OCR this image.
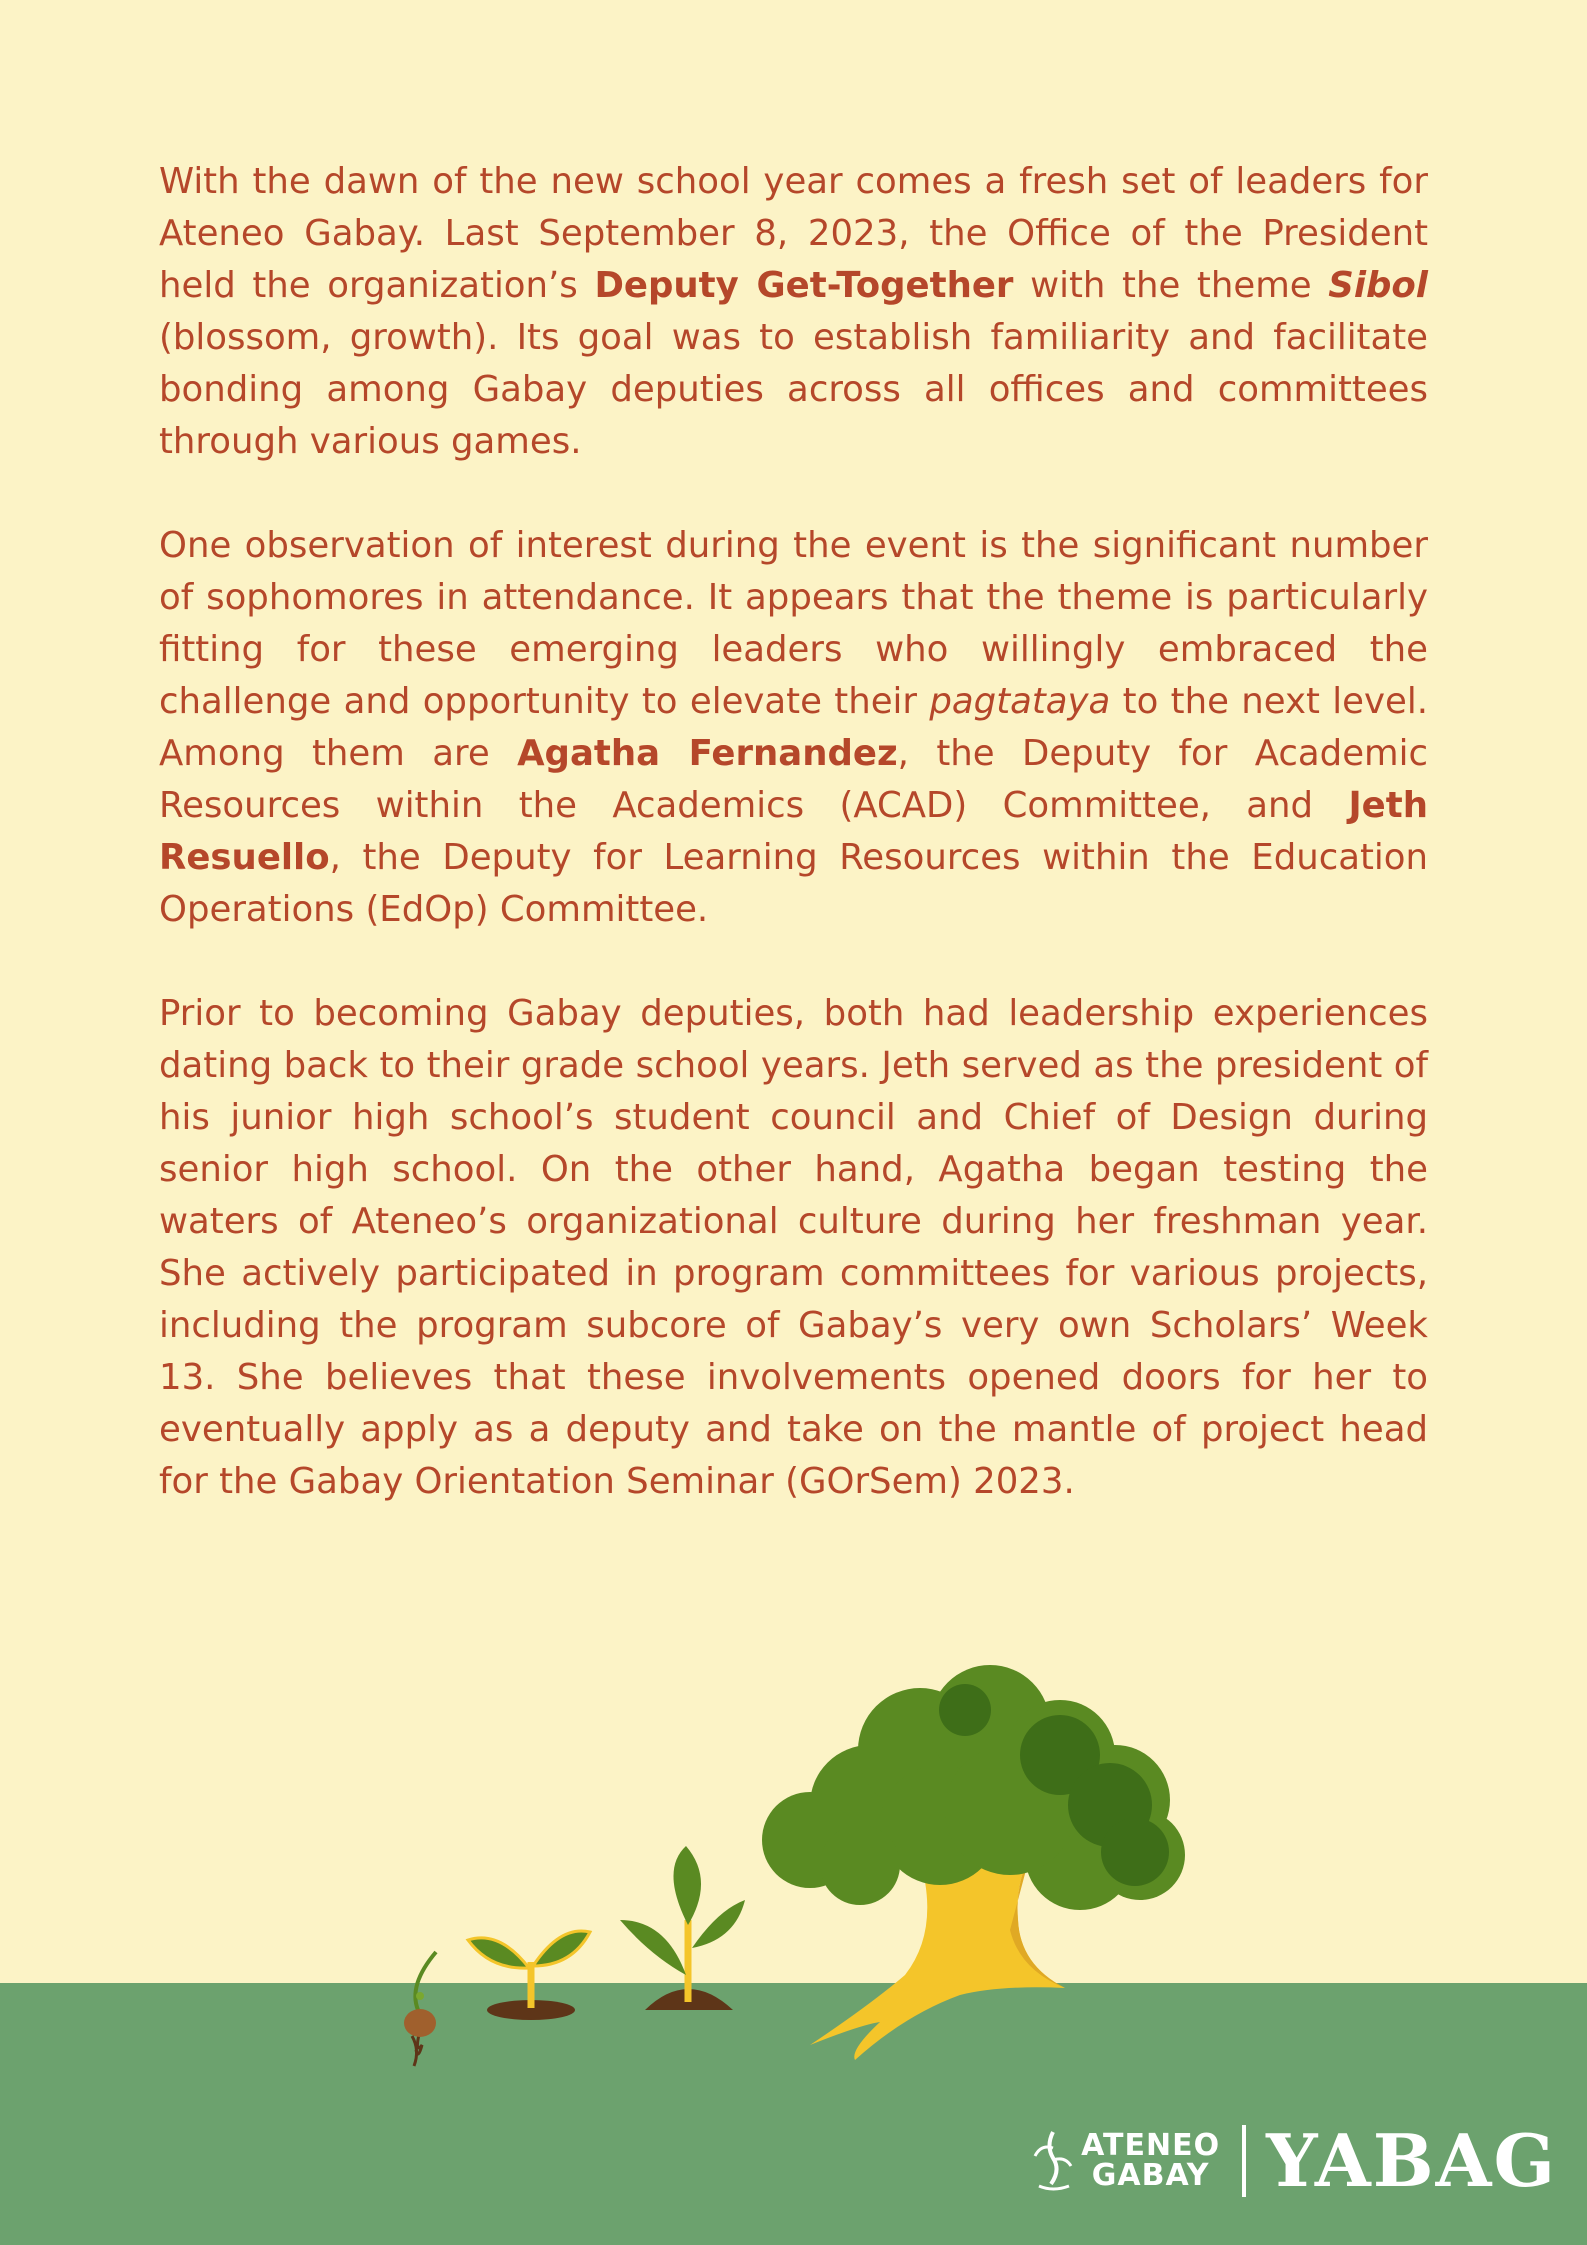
With the dawn of the new school year comes a fresh set of leaders for Ateneo Gabay. Last September 8, 2023, the Office of the President held the organization’s Deputy Get-Together with the theme Sibol (blossom, growth). Its goal was to establish familiarity and facilitate bonding among Gabay deputies across all offices and committees through various games.

One observation of interest during the event is the significant number of sophomores in attendance. It appears that the theme is particularly fitting for these emerging leaders who willingly embraced the challenge and opportunity to elevate their pagtataya to the next level. Among them are Agatha Fernandez, the Deputy for Academic Resources within the Academics (ACAD) Committee, and Jeth Resuello, the Deputy for Learning Resources within the Education Operations (EdOp) Committee.

Prior to becoming Gabay deputies, both had leadership experiences dating back to their grade school years. Jeth served as the president of his junior high school’s student council and Chief of Design during senior high school. On the other hand, Agatha began testing the waters of Ateneo’s organizational culture during her freshman year. She actively participated in program committees for various projects, including the program subcore of Gabay’s very own Scholars’ Week 13. She believes that these involvements opened doors for her to eventually apply as a deputy and take on the mantle of project head for the Gabay Orientation Seminar (GOrSem) 2023.

ATENEO
GABAY YABAG
